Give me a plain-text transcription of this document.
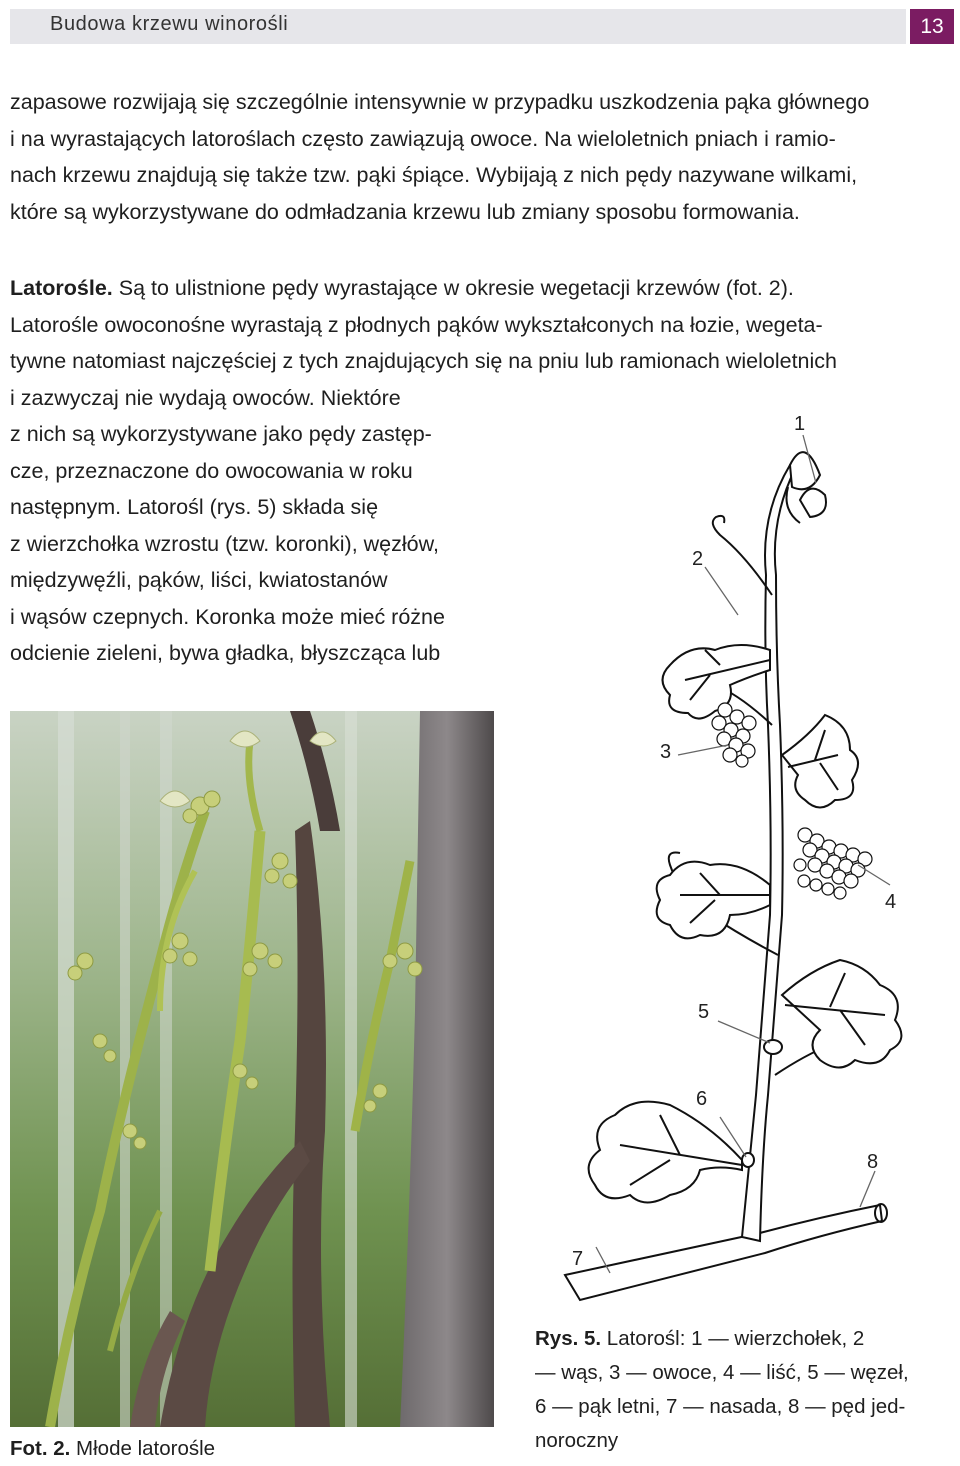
Budowa krzewu winorośli	13
zapasowe rozwijają się szczególnie intensywnie w przypadku uszkodzenia pąka głównego
i na wyrastających latoroślach często zawiązują owoce. Na wieloletnich pniach i ramio-
nach krzewu znajdują się także tzw. pąki śpiące. Wybijają z nich pędy nazywane wilkami,
które są wykorzystywane do odmładzania krzewu lub zmiany sposobu formowania.
Latorośle. Są to ulistnione pędy wyrastające w okresie wegetacji krzewów (fot. 2).
Latorośle owoconośne wyrastają z płodnych pąków wykształconych na łozie, wegeta-
tywne natomiast najczęściej z tych znajdujących się na pniu lub ramionach wieloletnich
i zazwyczaj nie wydają owoców. Niektóre
z nich są wykorzystywane jako pędy zastęp-
cze, przeznaczone do owocowania w roku
następnym. Latorośl (rys. 5) składa się
z wierzchołka wzrostu (tzw. koronki), węzłów,
międzywęźli, pąków, liści, kwiatostanów
i wąsów czepnych. Koronka może mieć różne
odcienie zieleni, bywa gładka, błyszcząca lub
Fot. 2. Młode latorośle
1
2
3
4
5
6
8
7
Rys. 5. Latorośl: 1 — wierzchołek, 2
— wąs, 3 — owoce, 4 — liść, 5 — węzeł,
6 — pąk letni, 7 — nasada, 8 — pęd jed-
noroczny
